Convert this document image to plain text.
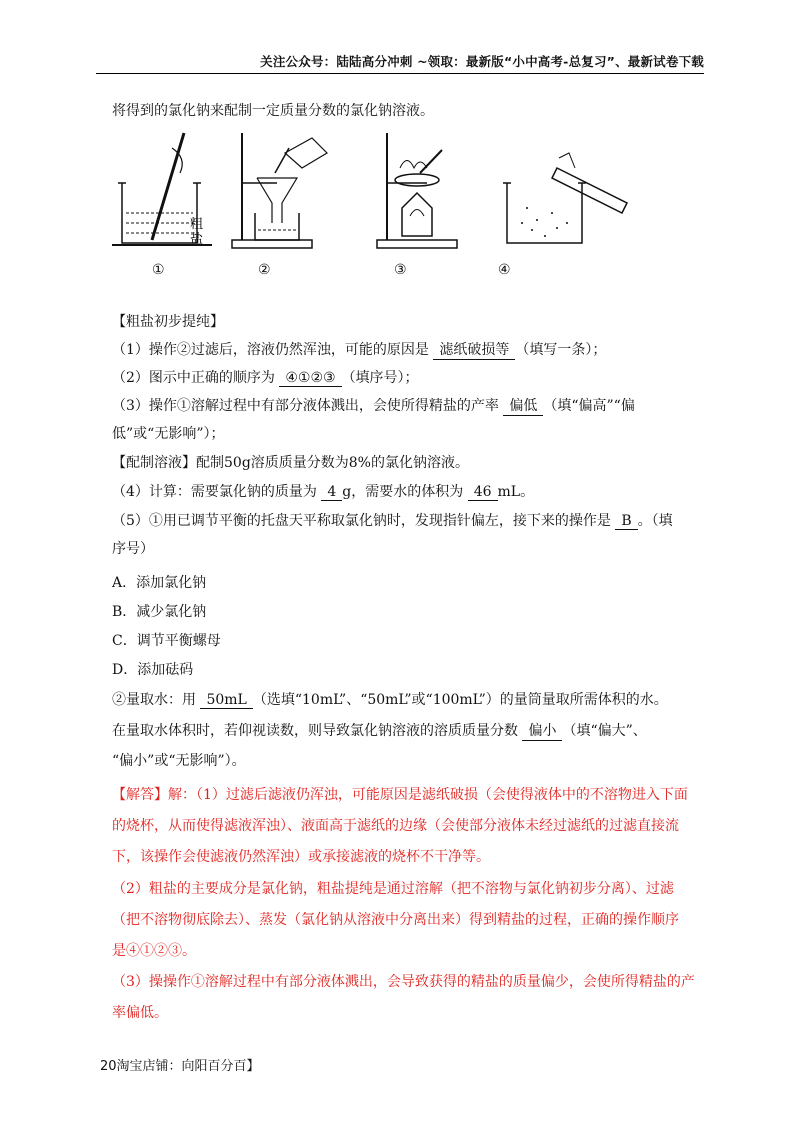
关注公众号：陆陆高分冲刺 ~领取：最新版“小中高考-总复习”、最新试卷下载
将得到的氯化钠来配制一定质量分数的氯化钠溶液。
粗
盐
①	②	③	④
【粗盐初步提纯】
（1）操作②过滤后，溶液仍然浑浊，可能的原因是 滤纸破损等 （填写一条）；
（2）图示中正确的顺序为 ④①②③ （填序号）；
（3）操作①溶解过程中有部分液体溅出，会使所得精盐的产率 偏低 （填“偏高”“偏
低”或“无影响”）；
【配制溶液】配制50g溶质质量分数为8%的氯化钠溶液。
（4）计算：需要氯化钠的质量为 4 g，需要水的体积为 46 mL。
（5）①用已调节平衡的托盘天平称取氯化钠时，发现指针偏左，接下来的操作是 B 。（填
序号）
A．添加氯化钠
B．减少氯化钠
C．调节平衡螺母
D．添加砝码
②量取水：用 50mL （选填“10mL”、“50mL”或“100mL”）的量筒量取所需体积的水。
在量取水体积时，若仰视读数，则导致氯化钠溶液的溶质质量分数 偏小 （填“偏大”、
“偏小”或“无影响”）。
【解答】解：（1）过滤后滤液仍浑浊，可能原因是滤纸破损（会使得液体中的不溶物进入下面
的烧杯，从而使得滤液浑浊）、液面高于滤纸的边缘（会使部分液体未经过滤纸的过滤直接流
下，该操作会使滤液仍然浑浊）或承接滤液的烧杯不干净等。
（2）粗盐的主要成分是氯化钠，粗盐提纯是通过溶解（把不溶物与氯化钠初步分离）、过滤
（把不溶物彻底除去）、蒸发（氯化钠从溶液中分离出来）得到精盐的过程，正确的操作顺序
是④①②③。
（3）操操作①溶解过程中有部分液体溅出，会导致获得的精盐的质量偏少，会使所得精盐的产
率偏低。
20淘宝店铺：向阳百分百】
